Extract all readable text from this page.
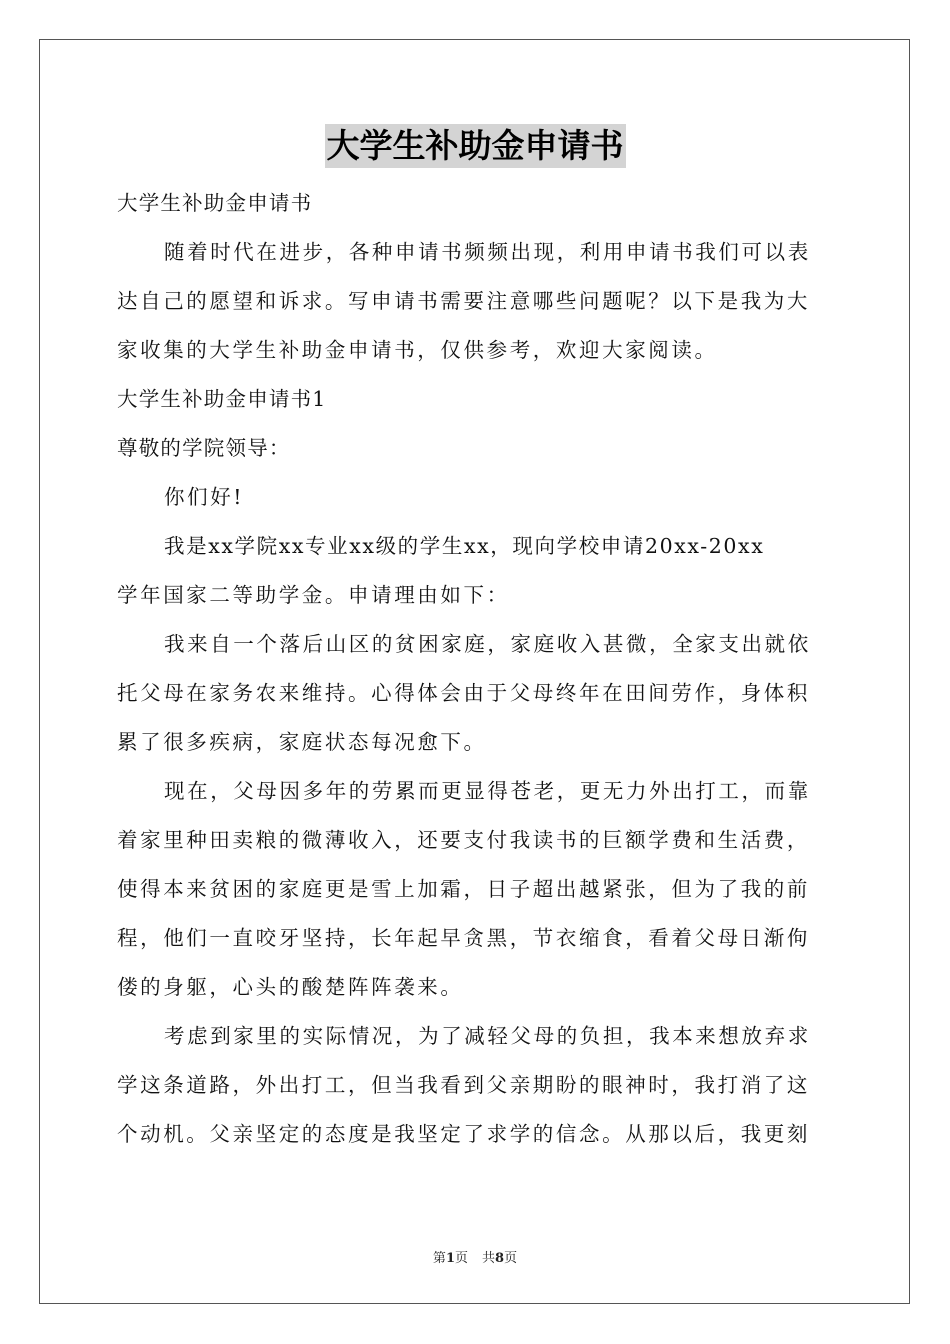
大学生补助金申请书
大学生补助金申请书
随着时代在进步，各种申请书频频出现，利用申请书我们可以表
达自己的愿望和诉求。写申请书需要注意哪些问题呢？以下是我为大
家收集的大学生补助金申请书，仅供参考，欢迎大家阅读。
大学生补助金申请书1
尊敬的学院领导：
你们好!
我是xx学院xx专业xx级的学生xx，现向学校申请20xx-20xx
学年国家二等助学金。申请理由如下：
我来自一个落后山区的贫困家庭，家庭收入甚微，全家支出就依
托父母在家务农来维持。心得体会由于父母终年在田间劳作，身体积
累了很多疾病，家庭状态每况愈下。
现在，父母因多年的劳累而更显得苍老，更无力外出打工，而靠
着家里种田卖粮的微薄收入，还要支付我读书的巨额学费和生活费，
使得本来贫困的家庭更是雪上加霜，日子超出越紧张，但为了我的前
程，他们一直咬牙坚持，长年起早贪黑，节衣缩食，看着父母日渐佝
偻的身躯，心头的酸楚阵阵袭来。
考虑到家里的实际情况，为了减轻父母的负担，我本来想放弃求
学这条道路，外出打工，但当我看到父亲期盼的眼神时，我打消了这
个动机。父亲坚定的态度是我坚定了求学的信念。从那以后，我更刻
第1页 共8页
